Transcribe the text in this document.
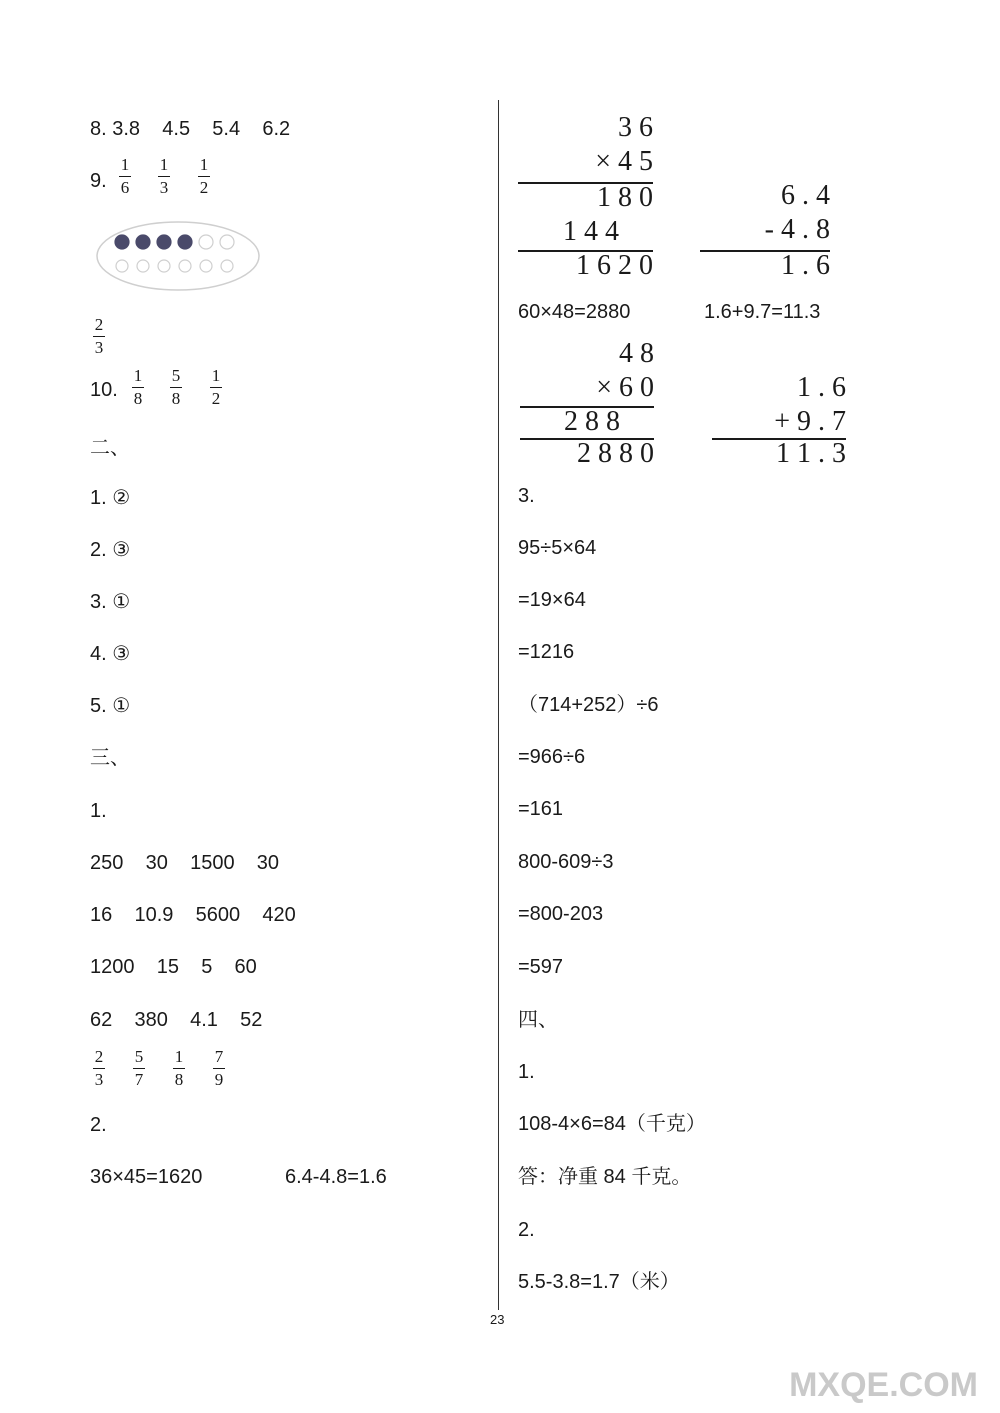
8. 3.8    4.5    5.4    6.2
9.
1
6
1
3
1
2
2
3
10.
1
8
5
8
1
2
二、
1. ②
2. ③
3. ①
4. ③
5. ①
三、
1.
250    30    1500    30
16    10.9    5600    420
1200    15    5    60
62    380    4.1    52
2
3
5
7
1
8
7
9
2.
36×45=1620	6.4-4.8=1.6
3 6
× 4 5
1 8 0
1 4 4
1 6 2 0
6 . 4
- 4 . 8
1 . 6
60×48=2880	1.6+9.7=11.3
4 8
× 6 0
2 8 8
2 8 8 0
1 . 6
+ 9 . 7
1 1 . 3
3.
95÷5×64
=19×64
=1216
（714+252）÷6
=966÷6
=161
800-609÷3
=800-203
=597
四、
1.
108-4×6=84（千克）
答：净重 84 千克。
2.
5.5-3.8=1.7（米）
23
MXQE.COM
